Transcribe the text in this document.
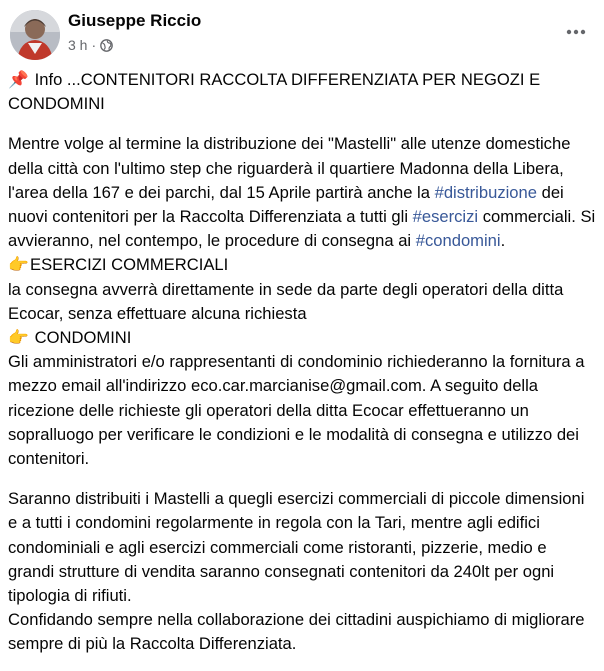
Giuseppe Riccio
3 h ·

📌 Info ...CONTENITORI RACCOLTA DIFFERENZIATA PER NEGOZI E CONDOMINI

Mentre volge al termine la distribuzione dei "Mastelli" alle utenze domestiche della città con l'ultimo step che riguarderà il quartiere Madonna della Libera, l'area della 167 e dei parchi, dal 15 Aprile partirà anche la #distribuzione dei nuovi contenitori per la Raccolta Differenziata a tutti gli #esercizi commerciali. Si avvieranno, nel contempo, le procedure di consegna ai #condomini.

👉ESERCIZI COMMERCIALI

la consegna avverrà direttamente in sede da parte degli operatori della ditta Ecocar, senza effettuare alcuna richiesta

👉 CONDOMINI

Gli amministratori e/o rappresentanti di condominio richiederanno la fornitura a mezzo email all'indirizzo eco.car.marcianise@gmail.com. A seguito della ricezione delle richieste gli operatori della ditta Ecocar effettueranno un sopralluogo per verificare le condizioni e le modalità di consegna e utilizzo dei contenitori.

Saranno distribuiti i Mastelli a quegli esercizi commerciali di piccole dimensioni e a tutti i condomini regolarmente in regola con la Tari, mentre agli edifici condominiali e agli esercizi commerciali come ristoranti, pizzerie, medio e grandi strutture di vendita saranno consegnati contenitori da 240lt per ogni tipologia di rifiuti.

Confidando sempre nella collaborazione dei cittadini auspichiamo di migliorare sempre di più la Raccolta Differenziata.
